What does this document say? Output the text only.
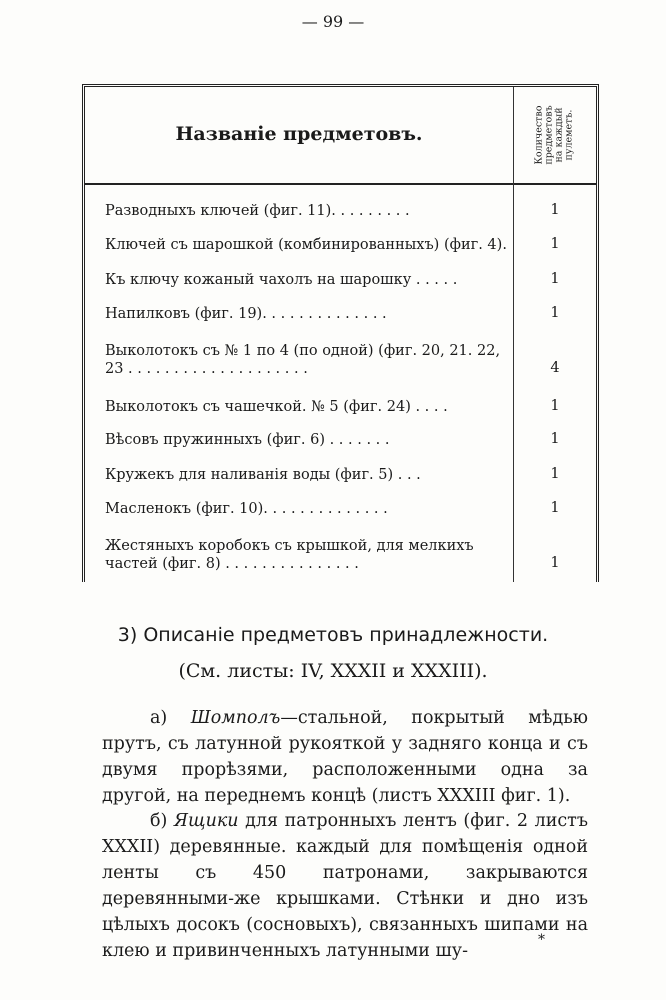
— 99 —
Названіе предметовъ.	Количество
предметовъ
на каждый
пулеметъ.
Разводныхъ ключей (фиг. 11). . . . . . . . .	1
Ключей съ шарошкой (комбинированныхъ) (фиг. 4).	1
Къ ключу кожаный чахолъ на шарошку . . . . .	1
Напилковъ (фиг. 19). . . . . . . . . . . . . .	1
Выколотокъ съ № 1 по 4 (по одной) (фиг. 20, 21. 22, 23 . . . . . . . . . . . . . . . . . . . .	4
Выколотокъ съ чашечкой. № 5 (фиг. 24) . . . .	1
Вѣсовъ пружинныхъ (фиг. 6) . . . . . . .	1
Кружекъ для наливанія воды (фиг. 5) . . .	1
Масленокъ (фиг. 10). . . . . . . . . . . . . .	1
Жестяныхъ коробокъ съ крышкой, для мелкихъ частей (фиг. 8) . . . . . . . . . . . . . . .	1
3) Описаніе предметовъ принадлежности.
(См. листы: IV, XXXII и XXXIII).
а) Шомполъ—стальной, покрытый мѣдью прутъ, съ латунной рукояткой у задняго конца и съ двумя прорѣзями, расположенными одна за другой, на переднемъ концѣ (листъ XXXIII фиг. 1).
б) Ящики для патронныхъ лентъ (фиг. 2 листъ XXXII) деревянные. каждый для помѣщенія одной ленты съ 450 патронами, закрываются деревянными-же крышками. Стѣнки и дно изъ цѣлыхъ досокъ (сосновыхъ), связанныхъ шипами на клею и привинченныхъ латунными шу-
*
